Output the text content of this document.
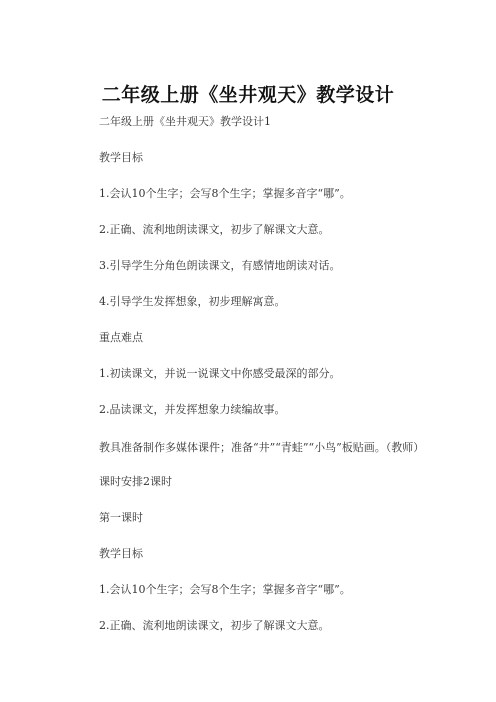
二年级上册《坐井观天》教学设计

二年级上册《坐井观天》教学设计1

教学目标

1.会认10个生字；会写8个生字；掌握多音字“哪”。

2.正确、流利地朗读课文，初步了解课文大意。

3.引导学生分角色朗读课文，有感情地朗读对话。

4.引导学生发挥想象，初步理解寓意。

重点难点

1.初读课文，并说一说课文中你感受最深的部分。

2.品读课文，并发挥想象力续编故事。

教具准备制作多媒体课件；准备“井”“青蛙”“小鸟”板贴画。（教师）

课时安排2课时

第一课时

教学目标

1.会认10个生字；会写8个生字；掌握多音字“哪”。

2.正确、流利地朗读课文，初步了解课文大意。
